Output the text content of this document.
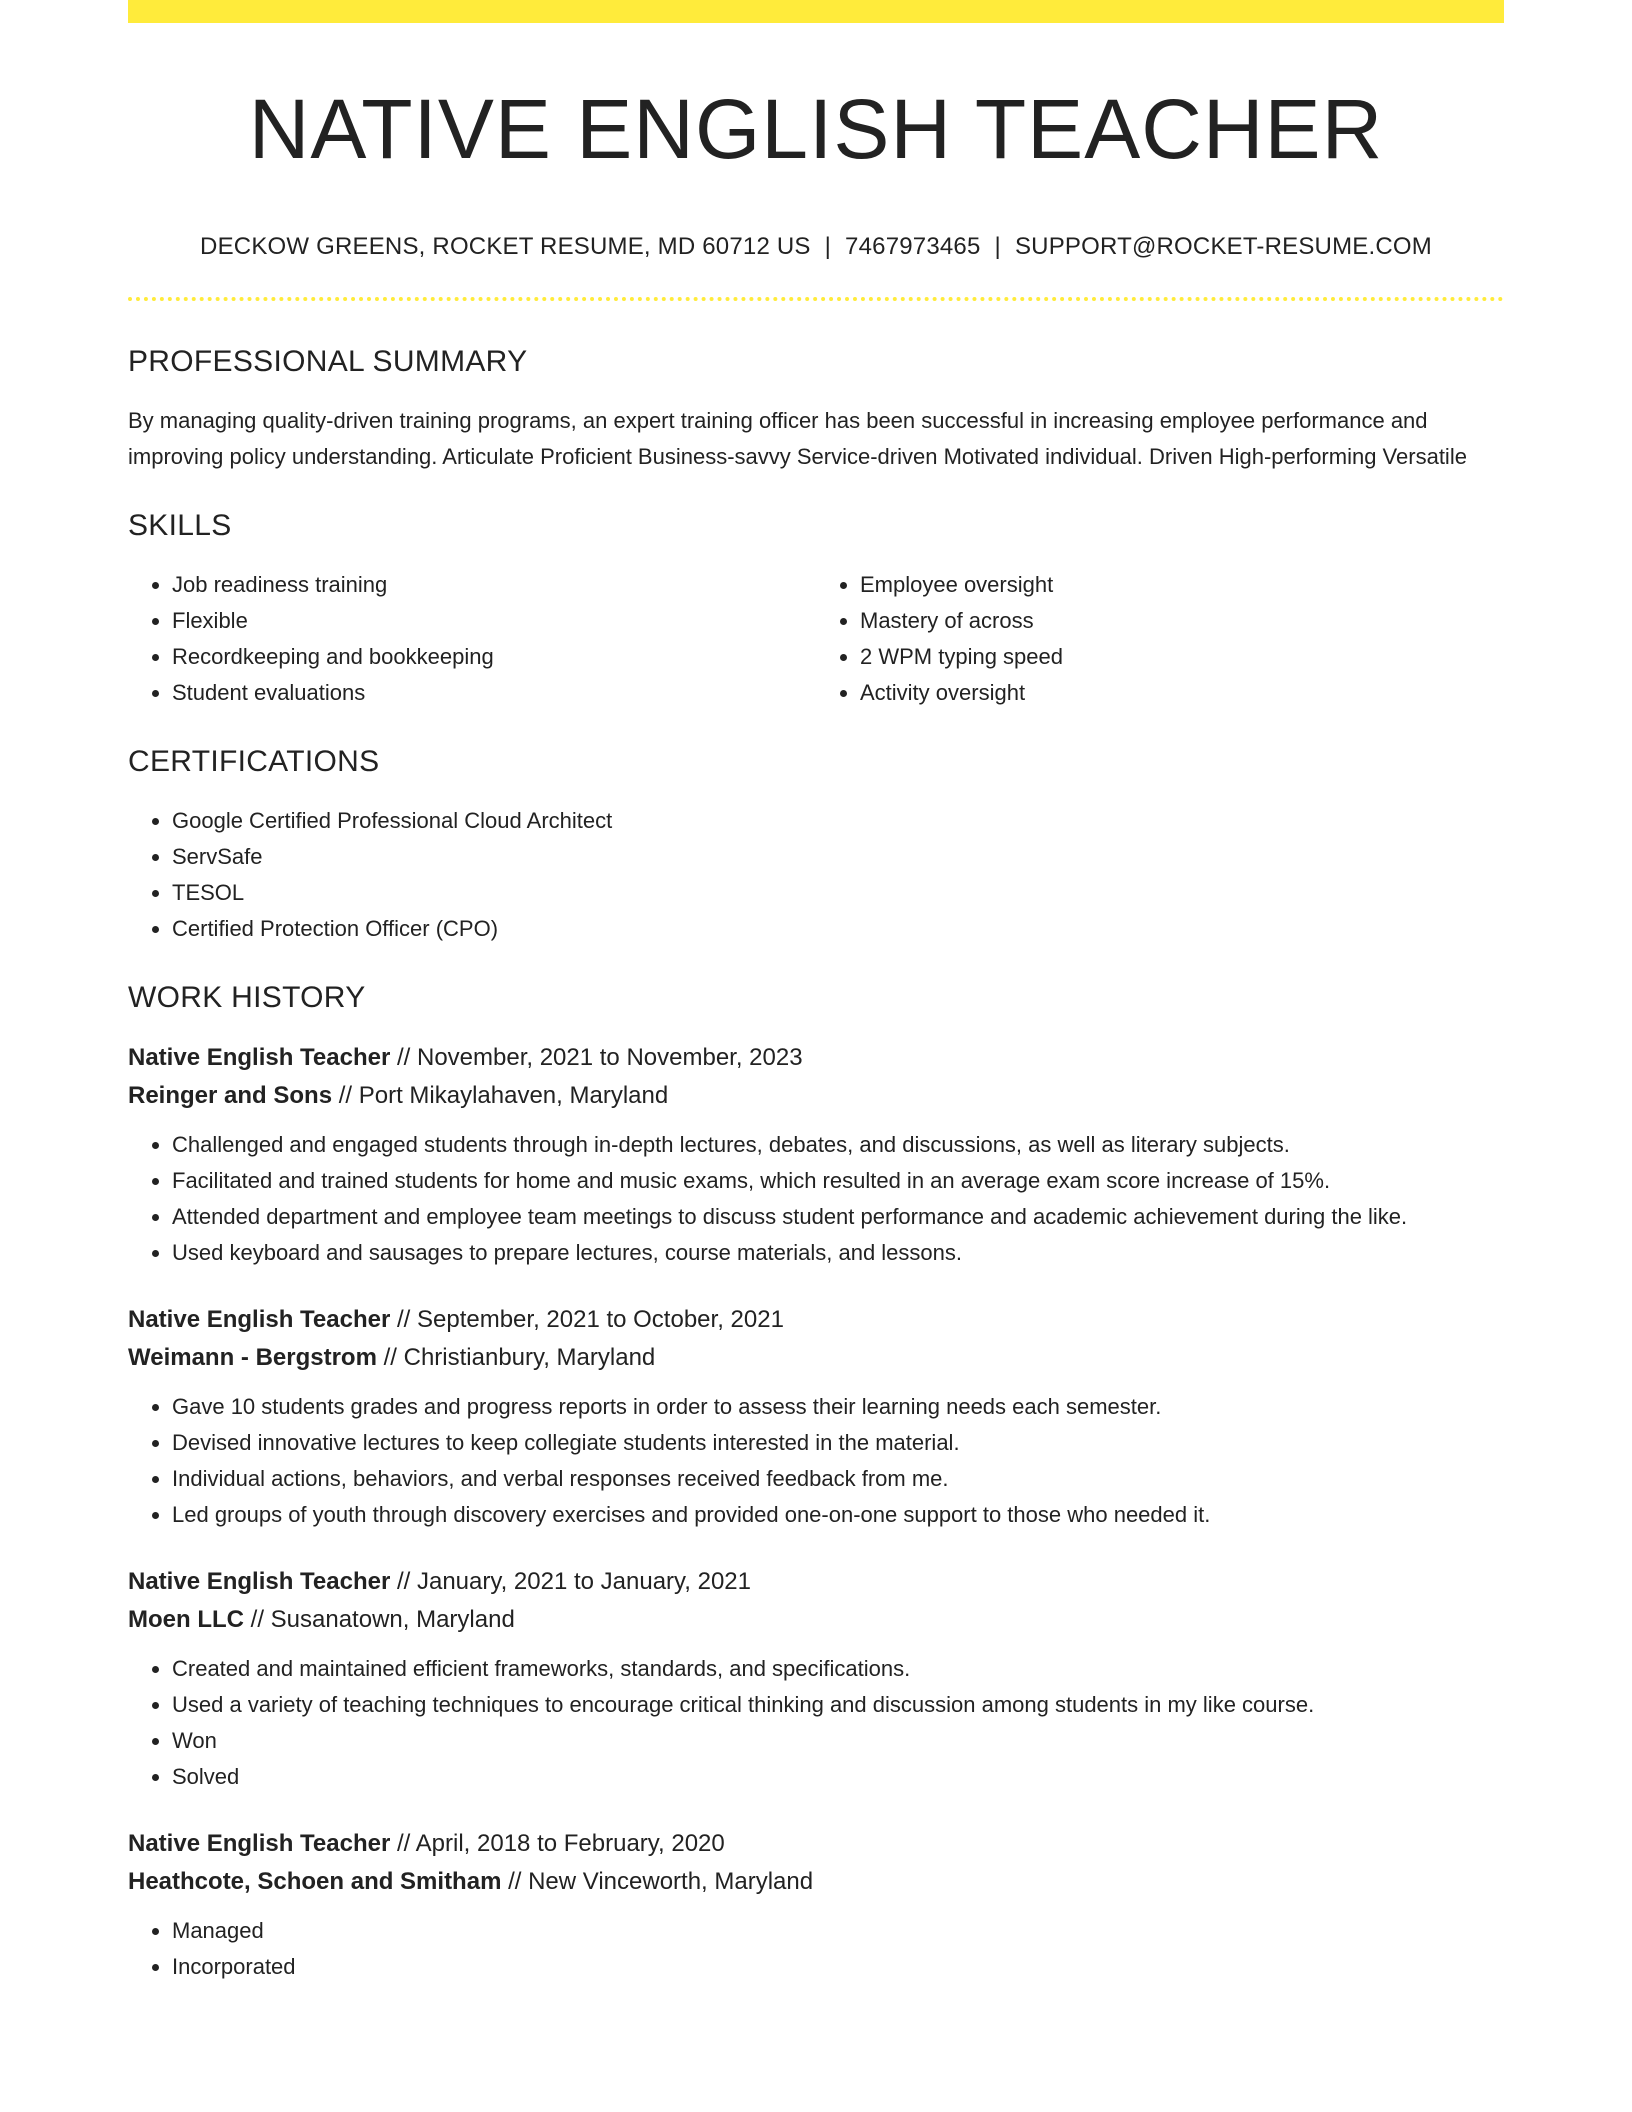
NATIVE ENGLISH TEACHER
DECKOW GREENS, ROCKET RESUME, MD 60712 US | 7467973465 | SUPPORT@ROCKET-RESUME.COM
PROFESSIONAL SUMMARY

By managing quality-driven training programs, an expert training officer has been successful in increasing employee performance and improving policy understanding. Articulate Proficient Business-savvy Service-driven Motivated individual. Driven High-performing Versatile

SKILLS
• Job readiness training
• Flexible
• Recordkeeping and bookkeeping
• Student evaluations
• Employee oversight
• Mastery of across
• 2 WPM typing speed
• Activity oversight
CERTIFICATIONS
• Google Certified Professional Cloud Architect
• ServSafe
• TESOL
• Certified Protection Officer (CPO)
WORK HISTORY
Native English Teacher // November, 2021 to November, 2023
Reinger and Sons // Port Mikaylahaven, Maryland
• Challenged and engaged students through in-depth lectures, debates, and discussions, as well as literary subjects.
• Facilitated and trained students for home and music exams, which resulted in an average exam score increase of 15%.
• Attended department and employee team meetings to discuss student performance and academic achievement during the like.
• Used keyboard and sausages to prepare lectures, course materials, and lessons.
Native English Teacher // September, 2021 to October, 2021
Weimann - Bergstrom // Christianbury, Maryland
• Gave 10 students grades and progress reports in order to assess their learning needs each semester.
• Devised innovative lectures to keep collegiate students interested in the material.
• Individual actions, behaviors, and verbal responses received feedback from me.
• Led groups of youth through discovery exercises and provided one-on-one support to those who needed it.
Native English Teacher // January, 2021 to January, 2021
Moen LLC // Susanatown, Maryland
• Created and maintained efficient frameworks, standards, and specifications.
• Used a variety of teaching techniques to encourage critical thinking and discussion among students in my like course.
• Won
• Solved
Native English Teacher // April, 2018 to February, 2020
Heathcote, Schoen and Smitham // New Vinceworth, Maryland
• Managed
• Incorporated
